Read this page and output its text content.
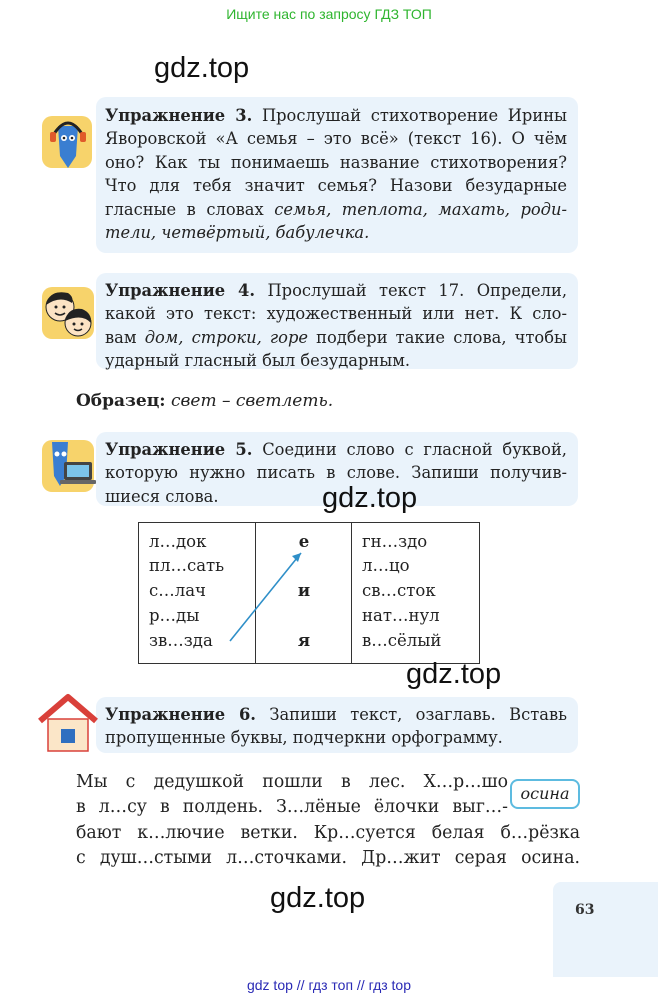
Ищите нас по запросу ГДЗ ТОП
gdz.top
Упражнение 3. Прослушай стихотворение Ирины Яворовской «А семья – это всё» (текст 16). О чём оно? Как ты понимаешь название стихотворения? Что для тебя значит семья? Назови безударные гласные в словах семья, теплота, махать, роди- тели, четвёртый, бабулечка.
Упражнение 4. Прослушай текст 17. Определи, какой это текст: художественный или нет. К сло- вам дом, строки, горе подбери такие слова, чтобы ударный гласный был безударным.
Образец: свет – светлеть.
Упражнение 5. Соедини слово с гласной буквой, которую нужно писать в слове. Запиши получив- шиеся слова.	gdz.top
л…док
пл…сать
с…лач
р…ды
зв…зда
е
и
я
гн…здо
л…цо
св…сток
нат…нул
в…сёлый
gdz.top
Упражнение 6. Запиши текст, озаглавь. Вставь пропущенные буквы, подчеркни орфограмму.
Мы с дедушкой пошли в лес. Х…р…шо
в л…су в полдень. З…лёные ёлочки выг…-
бают к…лючие ветки. Кр…суется белая б…рёзка
с душ…стыми л…сточками. Др…жит серая осина.
осина
gdz.top	63
gdz top // гдз топ // гдз top
